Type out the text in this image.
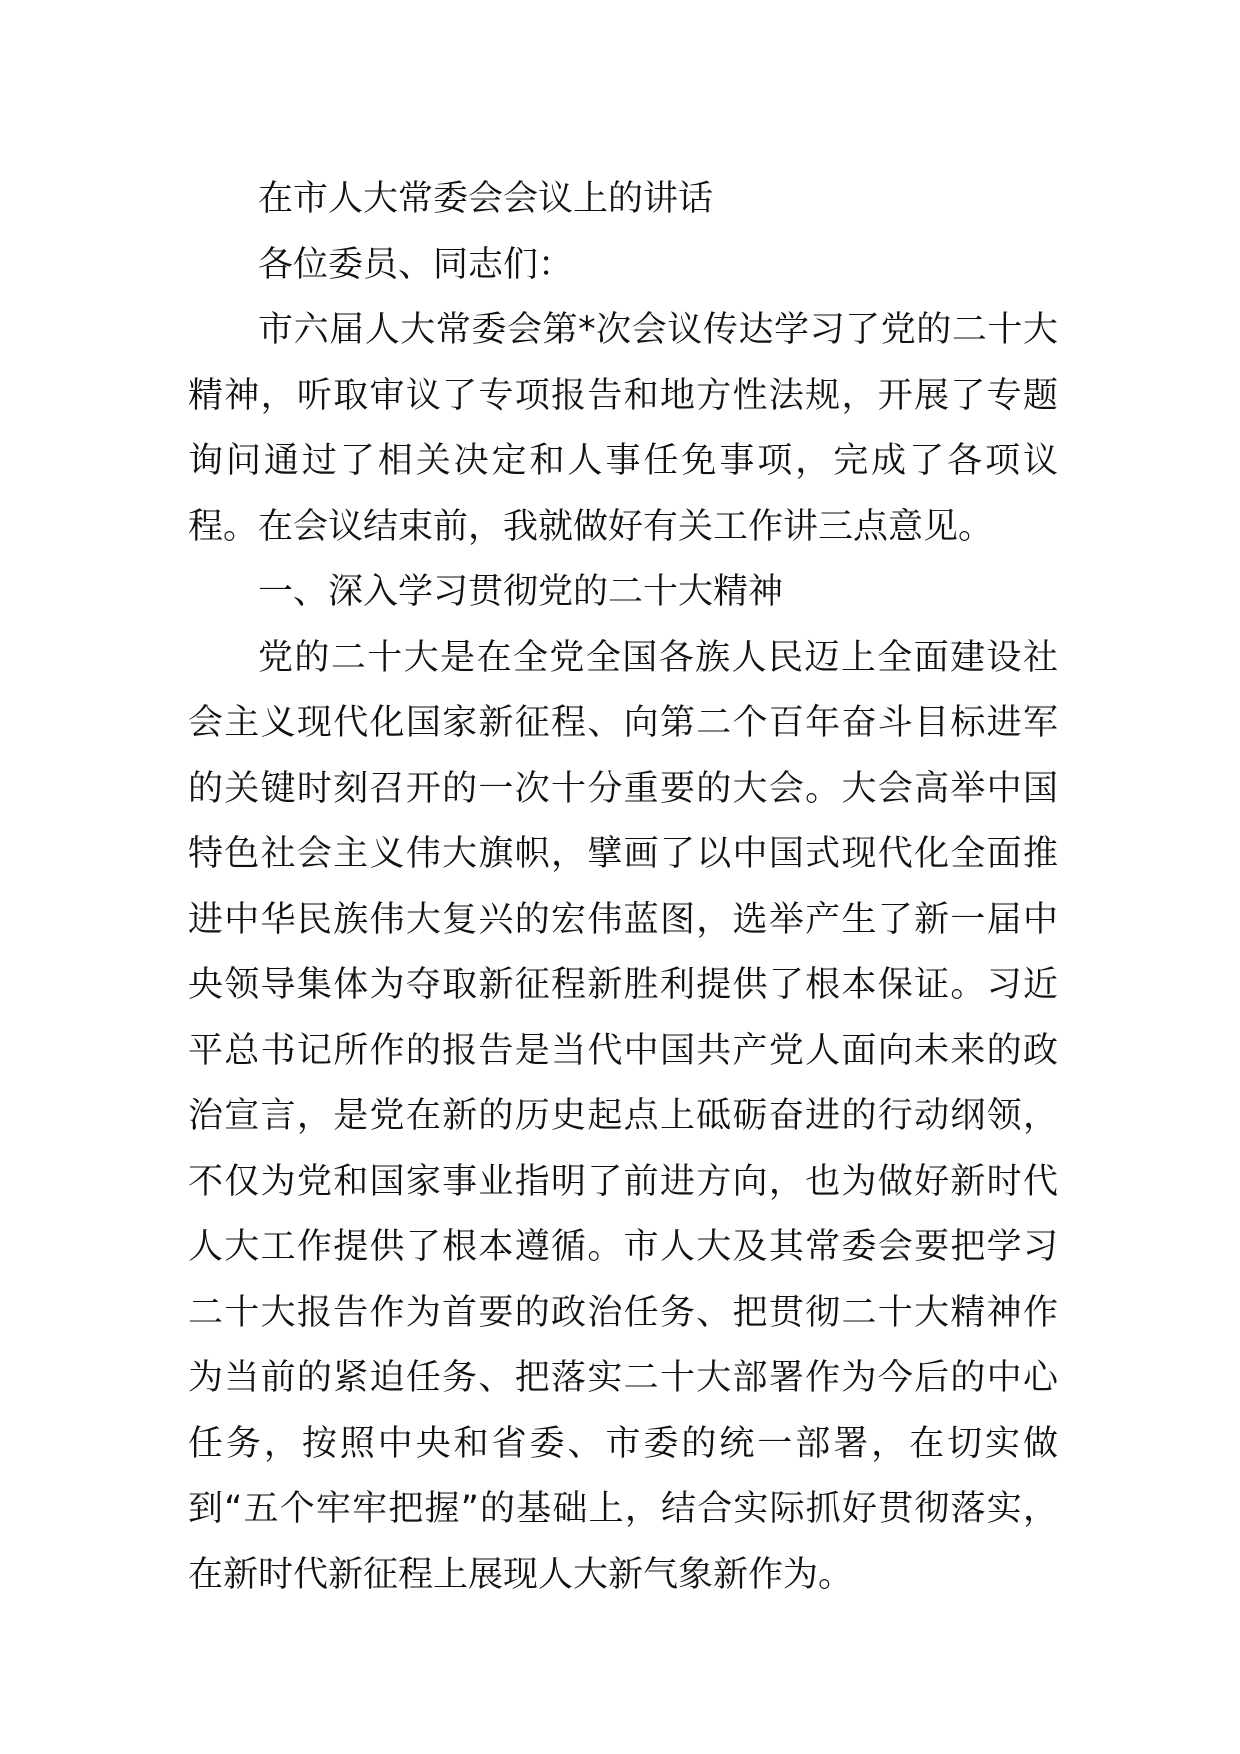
在市人大常委会会议上的讲话

各位委员、同志们：

市六届人大常委会第*次会议传达学习了党的二十大精神，听取审议了专项报告和地方性法规，开展了专题询问通过了相关决定和人事任免事项，完成了各项议程。在会议结束前，我就做好有关工作讲三点意见。

一、深入学习贯彻党的二十大精神

党的二十大是在全党全国各族人民迈上全面建设社会主义现代化国家新征程、向第二个百年奋斗目标进军的关键时刻召开的一次十分重要的大会。大会高举中国特色社会主义伟大旗帜，擘画了以中国式现代化全面推进中华民族伟大复兴的宏伟蓝图，选举产生了新一届中央领导集体为夺取新征程新胜利提供了根本保证。习近平总书记所作的报告是当代中国共产党人面向未来的政治宣言，是党在新的历史起点上砥砺奋进的行动纲领，不仅为党和国家事业指明了前进方向，也为做好新时代人大工作提供了根本遵循。市人大及其常委会要把学习二十大报告作为首要的政治任务、把贯彻二十大精神作为当前的紧迫任务、把落实二十大部署作为今后的中心任务，按照中央和省委、市委的统一部署，在切实做到“五个牢牢把握”的基础上，结合实际抓好贯彻落实，在新时代新征程上展现人大新气象新作为。
